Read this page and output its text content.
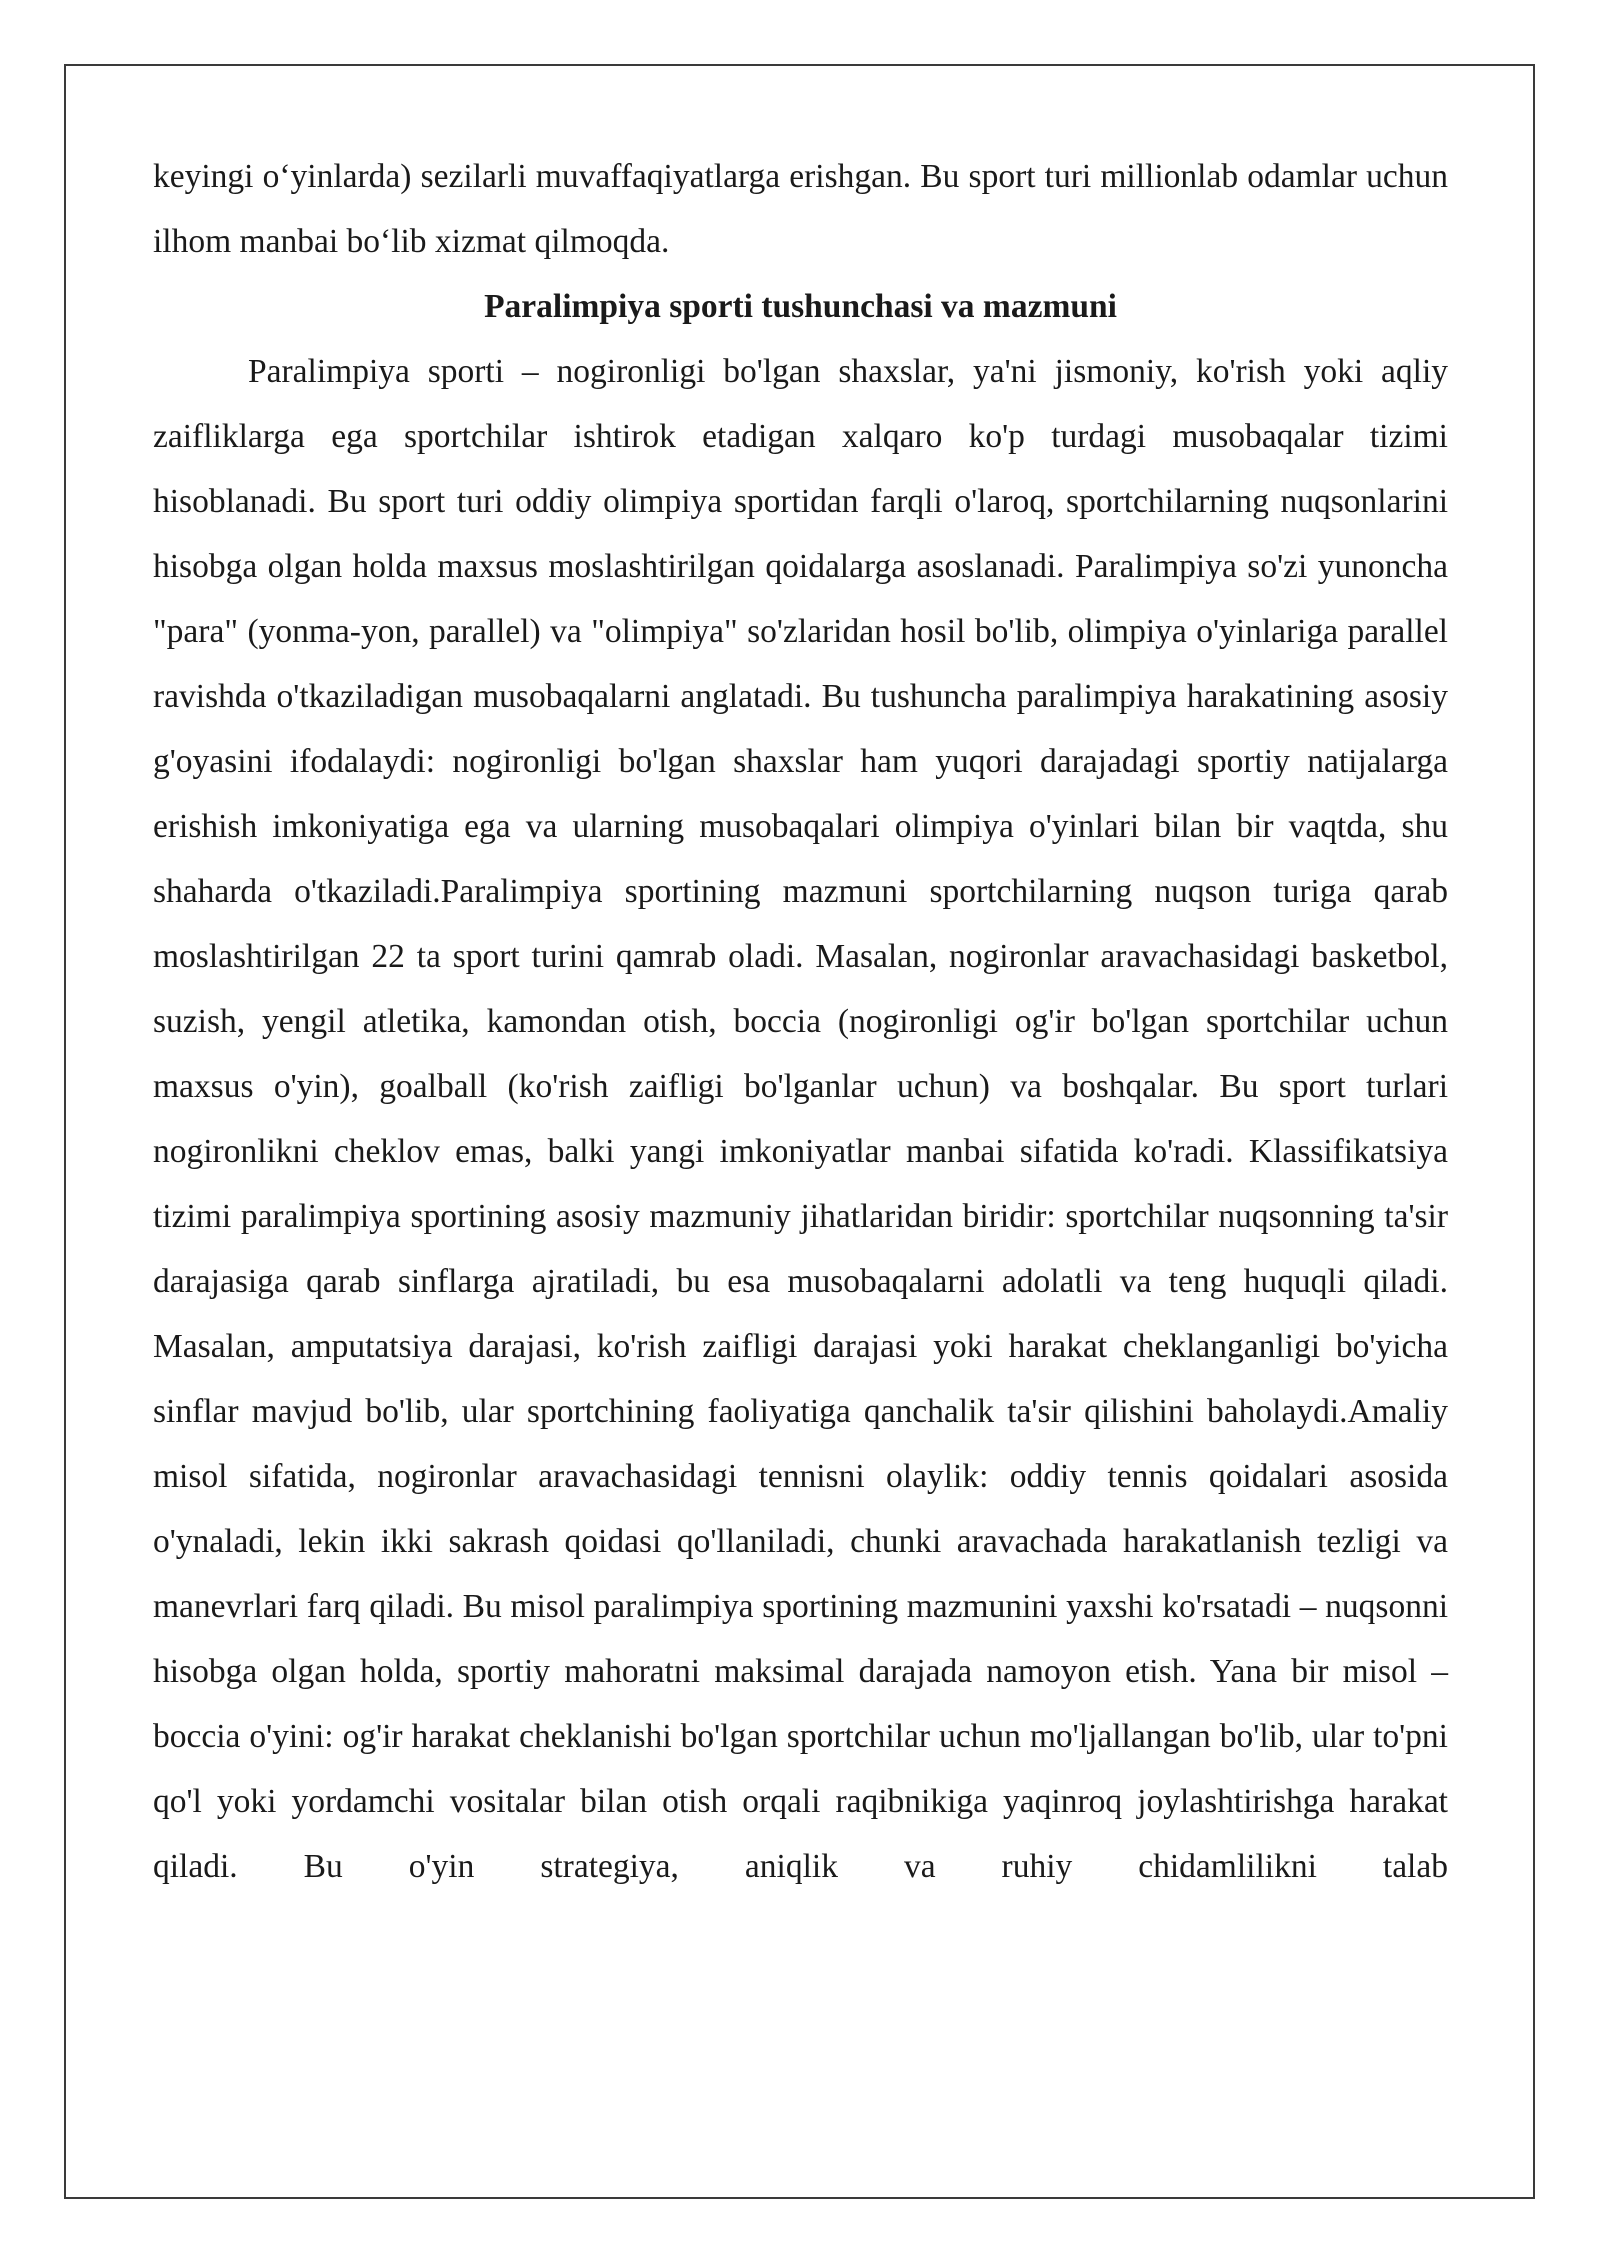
keyingi o‘yinlarda) sezilarli muvaffaqiyatlarga erishgan. Bu sport turi millionlab odamlar uchun ilhom manbai bo‘lib xizmat qilmoqda.

Paralimpiya sporti tushunchasi va mazmuni

Paralimpiya sporti – nogironligi bo'lgan shaxslar, ya'ni jismoniy, ko'rish yoki aqliy zaifliklarga ega sportchilar ishtirok etadigan xalqaro ko'p turdagi musobaqalar tizimi hisoblanadi. Bu sport turi oddiy olimpiya sportidan farqli o'laroq, sportchilarning nuqsonlarini hisobga olgan holda maxsus moslashtirilgan qoidalarga asoslanadi. Paralimpiya so'zi yunoncha "para" (yonma-yon, parallel) va "olimpiya" so'zlaridan hosil bo'lib, olimpiya o'yinlariga parallel ravishda o'tkaziladigan musobaqalarni anglatadi. Bu tushuncha paralimpiya harakatining asosiy g'oyasini ifodalaydi: nogironligi bo'lgan shaxslar ham yuqori darajadagi sportiy natijalarga erishish imkoniyatiga ega va ularning musobaqalari olimpiya o'yinlari bilan bir vaqtda, shu shaharda o'tkaziladi.Paralimpiya sportining mazmuni sportchilarning nuqson turiga qarab moslashtirilgan 22 ta sport turini qamrab oladi. Masalan, nogironlar aravachasidagi basketbol, suzish, yengil atletika, kamondan otish, boccia (nogironligi og'ir bo'lgan sportchilar uchun maxsus o'yin), goalball (ko'rish zaifligi bo'lganlar uchun) va boshqalar. Bu sport turlari nogironlikni cheklov emas, balki yangi imkoniyatlar manbai sifatida ko'radi. Klassifikatsiya tizimi paralimpiya sportining asosiy mazmuniy jihatlaridan biridir: sportchilar nuqsonning ta'sir darajasiga qarab sinflarga ajratiladi, bu esa musobaqalarni adolatli va teng huquqli qiladi. Masalan, amputatsiya darajasi, ko'rish zaifligi darajasi yoki harakat cheklanganligi bo'yicha sinflar mavjud bo'lib, ular sportchining faoliyatiga qanchalik ta'sir qilishini baholaydi.Amaliy misol sifatida, nogironlar aravachasidagi tennisni olaylik: oddiy tennis qoidalari asosida o'ynaladi, lekin ikki sakrash qoidasi qo'llaniladi, chunki aravachada harakatlanish tezligi va manevrlari farq qiladi. Bu misol paralimpiya sportining mazmunini yaxshi ko'rsatadi – nuqsonni hisobga olgan holda, sportiy mahoratni maksimal darajada namoyon etish. Yana bir misol – boccia o'yini: og'ir harakat cheklanishi bo'lgan sportchilar uchun mo'ljallangan bo'lib, ular to'pni qo'l yoki yordamchi vositalar bilan otish orqali raqibnikiga yaqinroq joylashtirishga harakat qiladi. Bu o'yin strategiya, aniqlik va ruhiy chidamlilikni talab
